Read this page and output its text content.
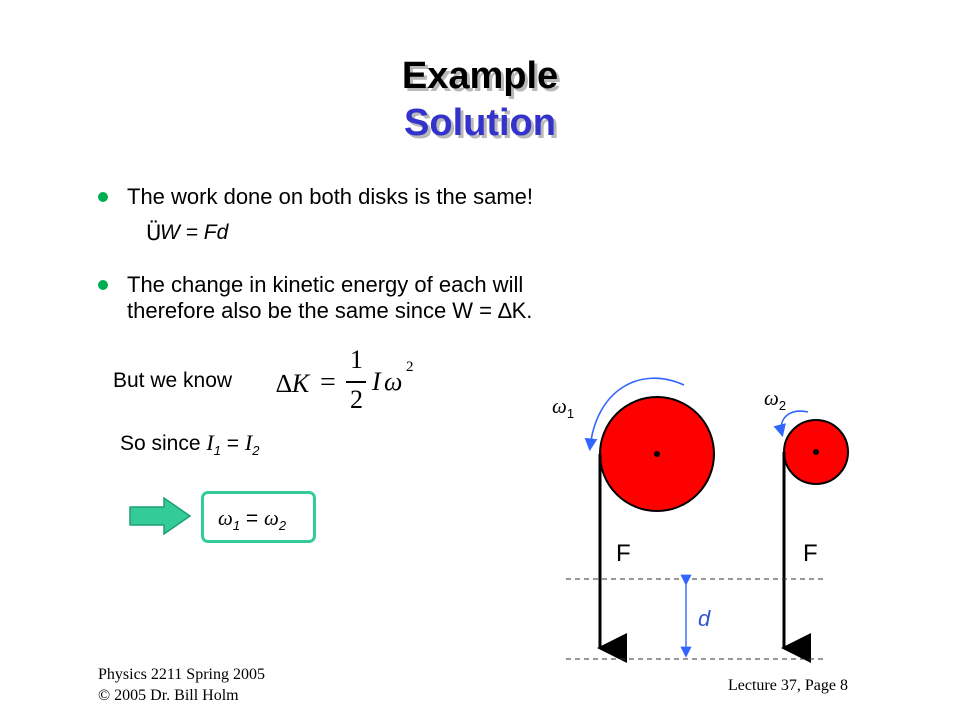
Example
Solution
The work done on both disks is the same!
Ü
W = Fd
The change in kinetic energy of each will
therefore also be the same since W = ∆K.
But we know ∆K =
1
2
I ω 2
So since $I_1 = I_2$
$\omega_1 = \omega_2$
$\omega_1$
$\omega_2$
F	F
d
Physics 2211 Spring 2005
© 2005 Dr. Bill Holm
Lecture 37, Page 8
